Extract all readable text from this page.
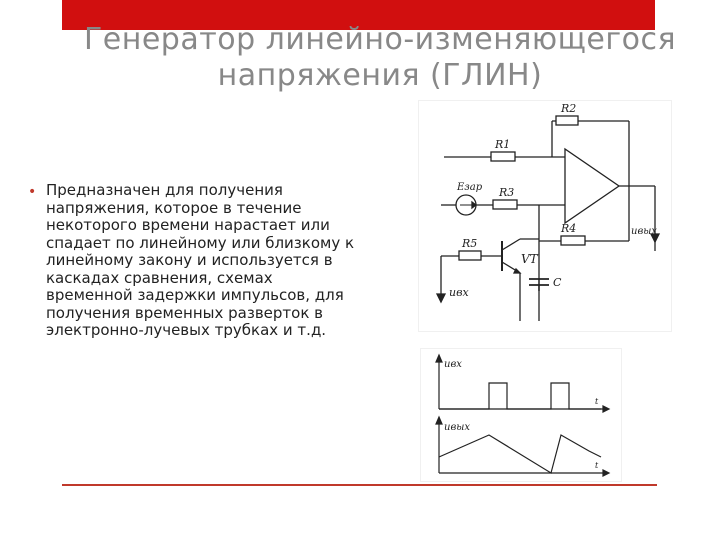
Генератор линейно-изменяющегося
напряжения (ГЛИН)
• Предназначен для получения напряжения, которое в течение некоторого времени нарастает или спадает по линейному или близкому к линейному закону и используется в каскадах сравнения, схемах временной задержки импульсов, для получения временных разверток в электронно-лучевых трубках и т.д.
R2
R1
Eзар R3
R4
R5
VT
C
uвх
uвых
uвх
uвых
t
t
